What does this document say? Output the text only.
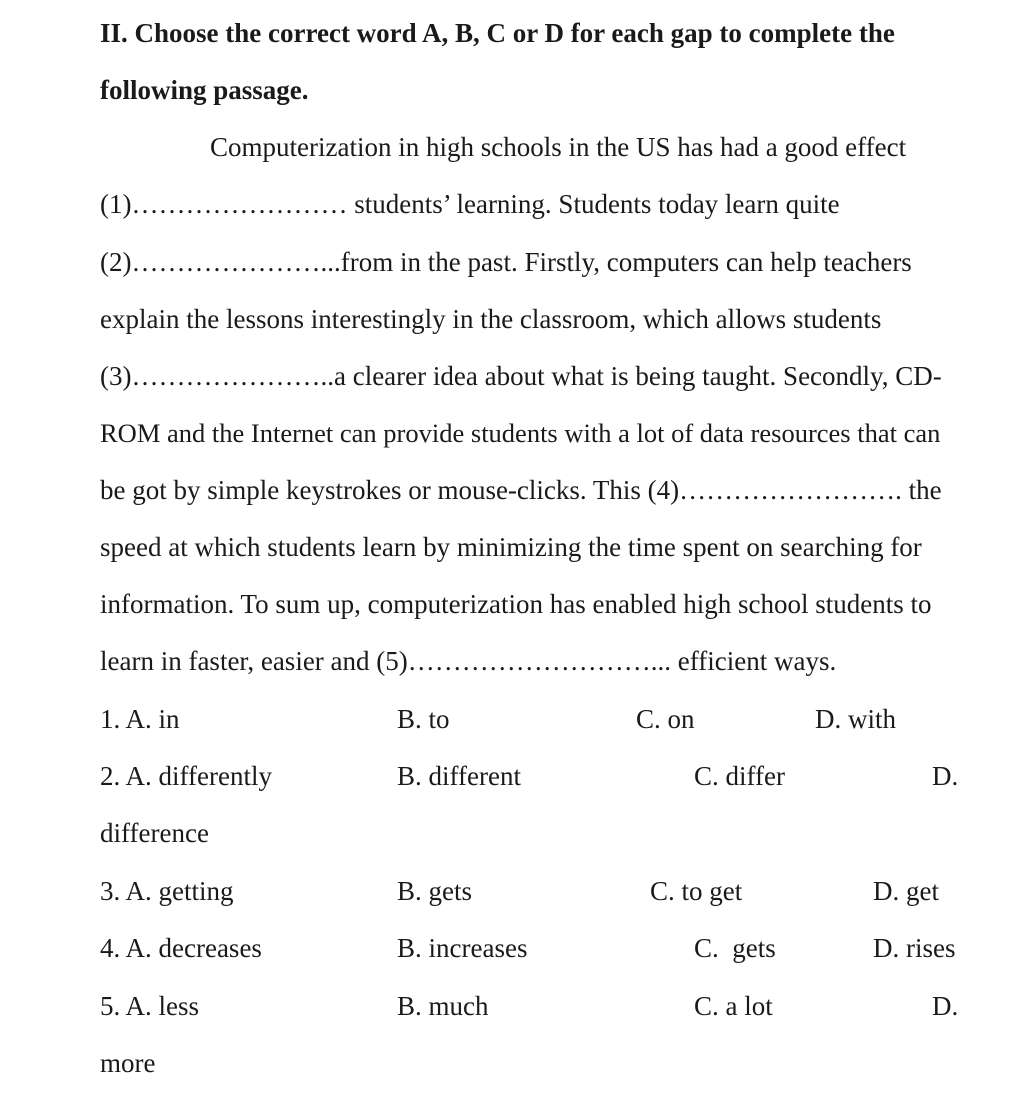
II. Choose the correct word A, B, C or D for each gap to complete the
following passage.
Computerization in high schools in the US has had a good effect
(1)…………………… students’ learning. Students today learn quite
(2)…………………...from in the past. Firstly, computers can help teachers
explain the lessons interestingly in the classroom, which allows students
(3)…………………..a clearer idea about what is being taught. Secondly, CD-
ROM and the Internet can provide students with a lot of data resources that can
be got by simple keystrokes or mouse-clicks. This (4)……………………. the
speed at which students learn by minimizing the time spent on searching for
information. To sum up, computerization has enabled high school students to
learn in faster, easier and (5)………………………... efficient ways.
1. A. in	B. to	C. on	D. with
2. A. differently	B. different	C. differ	D.
difference
3. A. getting	B. gets	C. to get	D. get
4. A. decreases	B. increases	C.  gets	D. rises
5. A. less	B. much	C. a lot	D.
more
